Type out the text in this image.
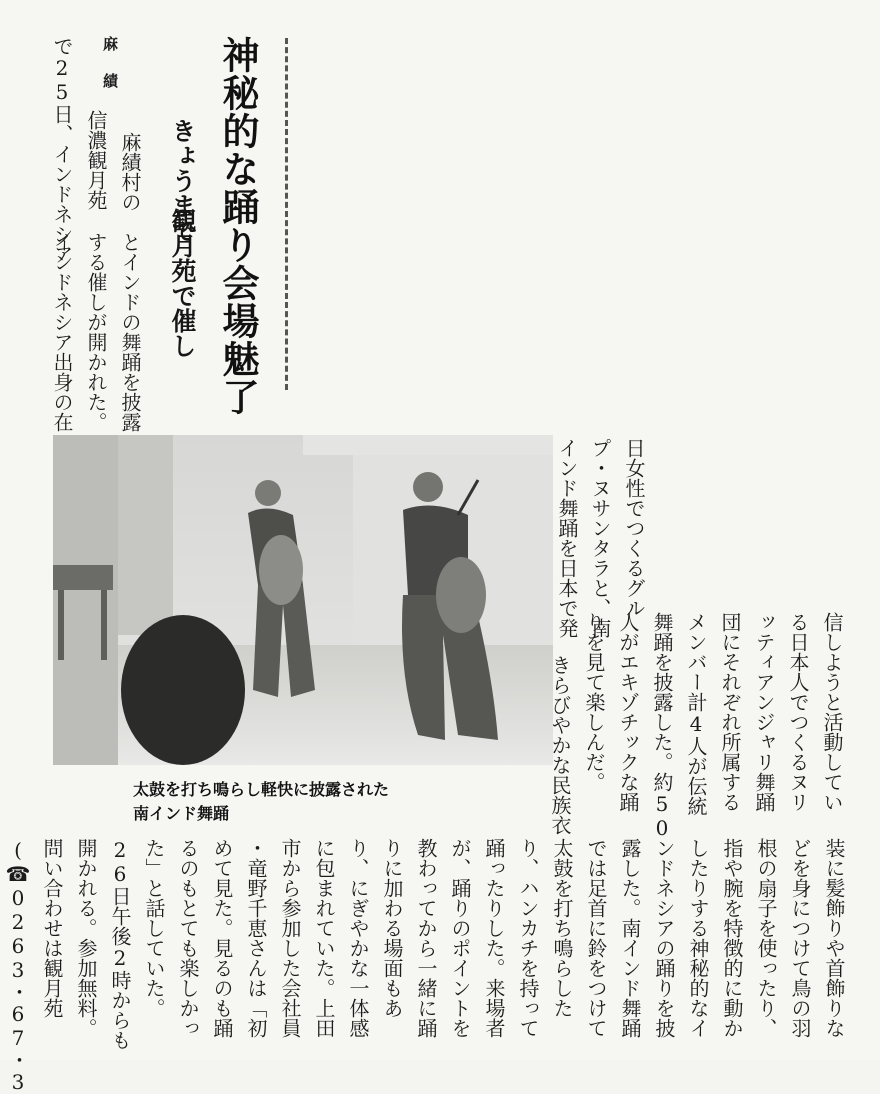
神秘的な踊り会場魅了
きょうまで
観月苑で催し
麻績
太鼓を打ち鳴らし軽快に披露された
南インド舞踊

日女性でつくるグル

プ・ヌサンタラと、南

インド舞踊を日本で発

信しようと活動してい

る日本人でつくるヌリ

ッティアンジャリ舞踊

団にそれぞれ所属する

メンバー計4人が伝統

舞踊を披露した。約50

人がエキゾチックな踊

りを見て楽しんだ。

きらびやかな民族衣

装に髪飾りや首飾りな

どを身につけて鳥の羽

根の扇子を使ったり、

指や腕を特徴的に動か

したりする神秘的なイ

ンドネシアの踊りを披

露した。南インド舞踊

では足首に鈴をつけて

太鼓を打ち鳴らした

り、ハンカチを持って

踊ったりした。来場者

が、踊りのポイントを

教わってから一緒に踊

りに加わる場面もあ

り、にぎやかな一体感

に包まれていた。上田

市から参加した会社員

・竜野千恵さんは「初

めて見た。見るのも踊

るのもとても楽しかっ

た」と話していた。

26日午後2時からも

開かれる。参加無料。

問い合わせは観月苑

(☎0263・67・3

麻績村の

信濃観月苑

で25日、インドネシア

とインドの舞踊を披露

する催しが開かれた。

インドネシア出身の在
